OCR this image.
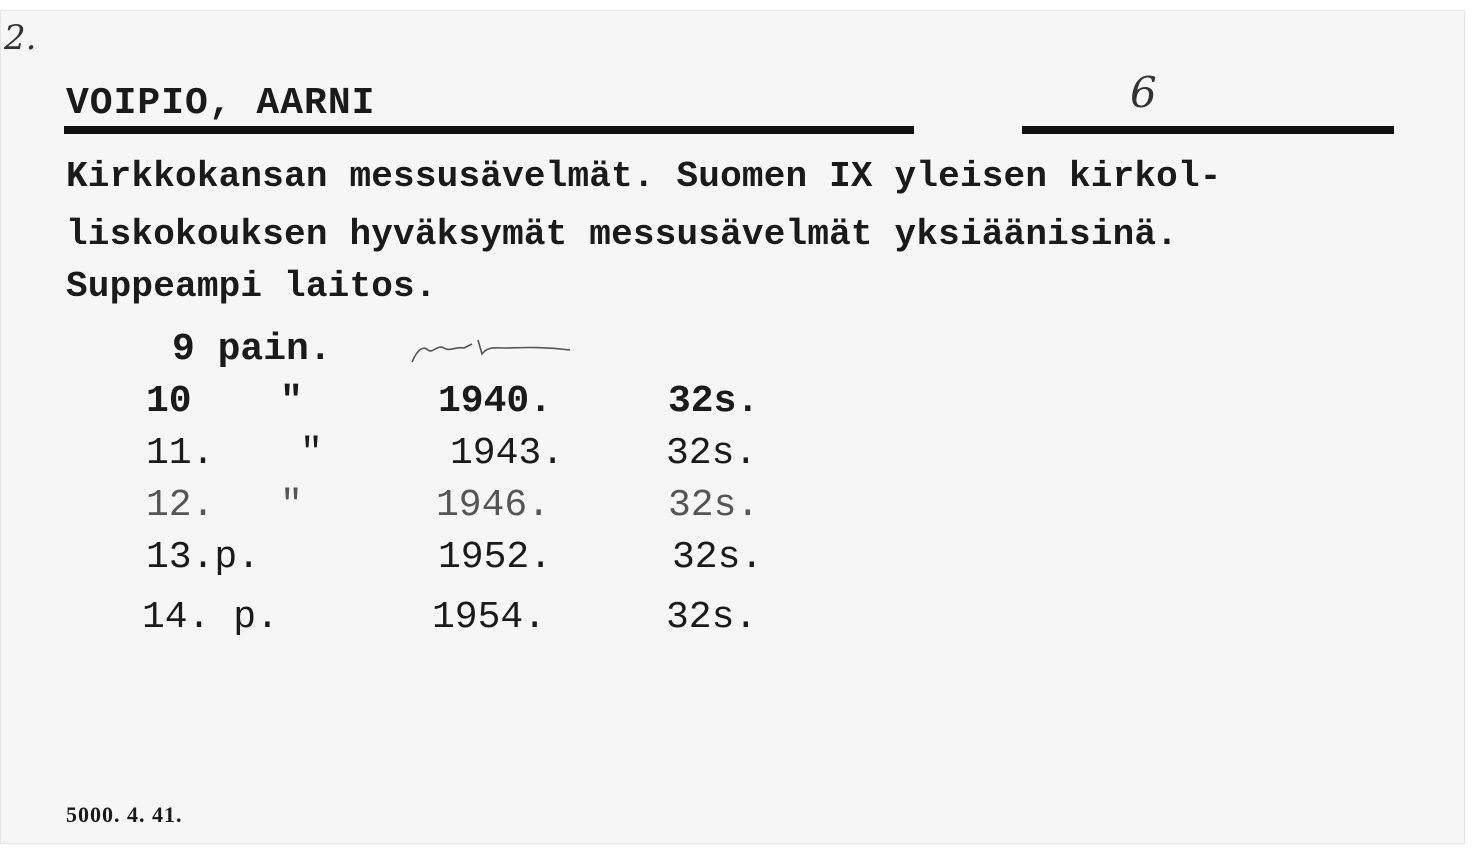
2.
6
VOIPIO, AARNI
Kirkkokansan messusävelmät. Suomen IX yleisen kirkol-
liskokouksen hyväksymät messusävelmät yksiäänisinä.
Suppeampi laitos.
9 pain.
10 "	1940.	32s.
11. "	1943.	32s.
12. "	1946.	32s.
13.p.	1952.	32s.
14. p.	1954.	32s.
5000. 4. 41.
